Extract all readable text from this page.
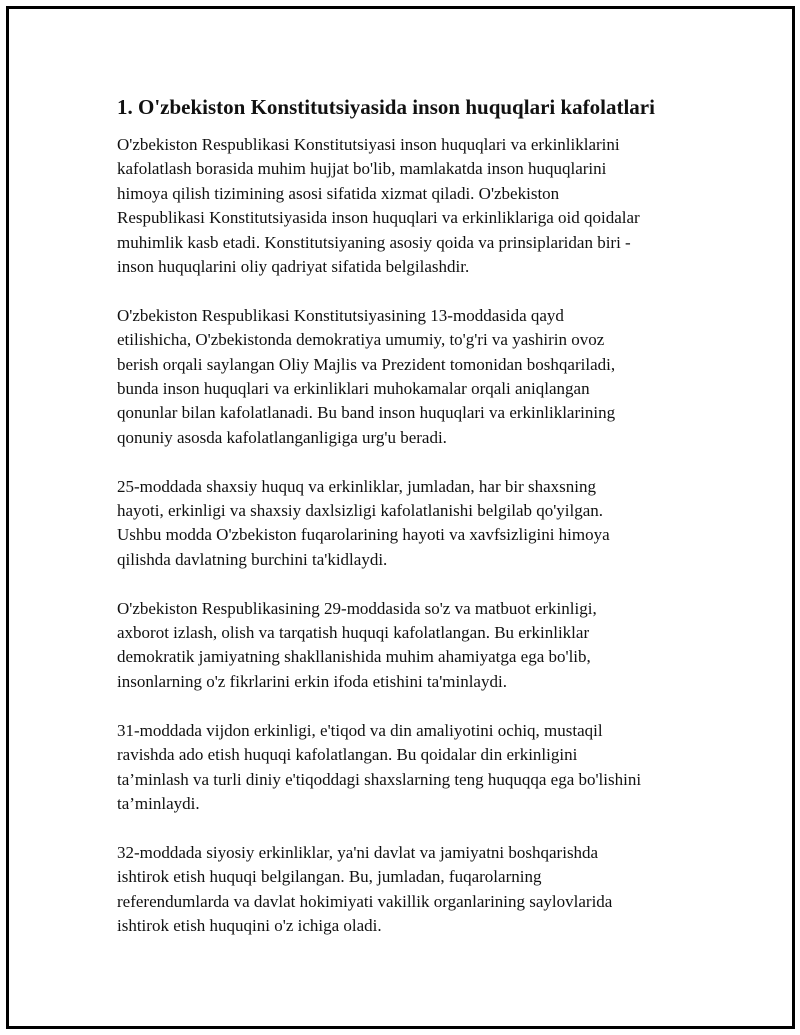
1. O'zbekiston Konstitutsiyasida inson huquqlari kafolatlari

O'zbekiston Respublikasi Konstitutsiyasi inson huquqlari va erkinliklarini
kafolatlash borasida muhim hujjat bo'lib, mamlakatda inson huquqlarini
himoya qilish tizimining asosi sifatida xizmat qiladi. O'zbekiston
Respublikasi Konstitutsiyasida inson huquqlari va erkinliklariga oid qoidalar
muhimlik kasb etadi. Konstitutsiyaning asosiy qoida va prinsiplaridan biri -
inson huquqlarini oliy qadriyat sifatida belgilashdir.

O'zbekiston Respublikasi Konstitutsiyasining 13-moddasida qayd
etilishicha, O'zbekistonda demokratiya umumiy, to'g'ri va yashirin ovoz
berish orqali saylangan Oliy Majlis va Prezident tomonidan boshqariladi,
bunda inson huquqlari va erkinliklari muhokamalar orqali aniqlangan
qonunlar bilan kafolatlanadi. Bu band inson huquqlari va erkinliklarining
qonuniy asosda kafolatlanganligiga urg'u beradi.

25-moddada shaxsiy huquq va erkinliklar, jumladan, har bir shaxsning
hayoti, erkinligi va shaxsiy daxlsizligi kafolatlanishi belgilab qo'yilgan.
Ushbu modda O'zbekiston fuqarolarining hayoti va xavfsizligini himoya
qilishda davlatning burchini ta'kidlaydi.

O'zbekiston Respublikasining 29-moddasida so'z va matbuot erkinligi,
axborot izlash, olish va tarqatish huquqi kafolatlangan. Bu erkinliklar
demokratik jamiyatning shakllanishida muhim ahamiyatga ega bo'lib,
insonlarning o'z fikrlarini erkin ifoda etishini ta'minlaydi.

31-moddada vijdon erkinligi, e'tiqod va din amaliyotini ochiq, mustaqil
ravishda ado etish huquqi kafolatlangan. Bu qoidalar din erkinligini
ta’minlash va turli diniy e'tiqoddagi shaxslarning teng huquqqa ega bo'lishini
ta’minlaydi.

32-moddada siyosiy erkinliklar, ya'ni davlat va jamiyatni boshqarishda
ishtirok etish huquqi belgilangan. Bu, jumladan, fuqarolarning
referendumlarda va davlat hokimiyati vakillik organlarining saylovlarida
ishtirok etish huquqini o'z ichiga oladi.
